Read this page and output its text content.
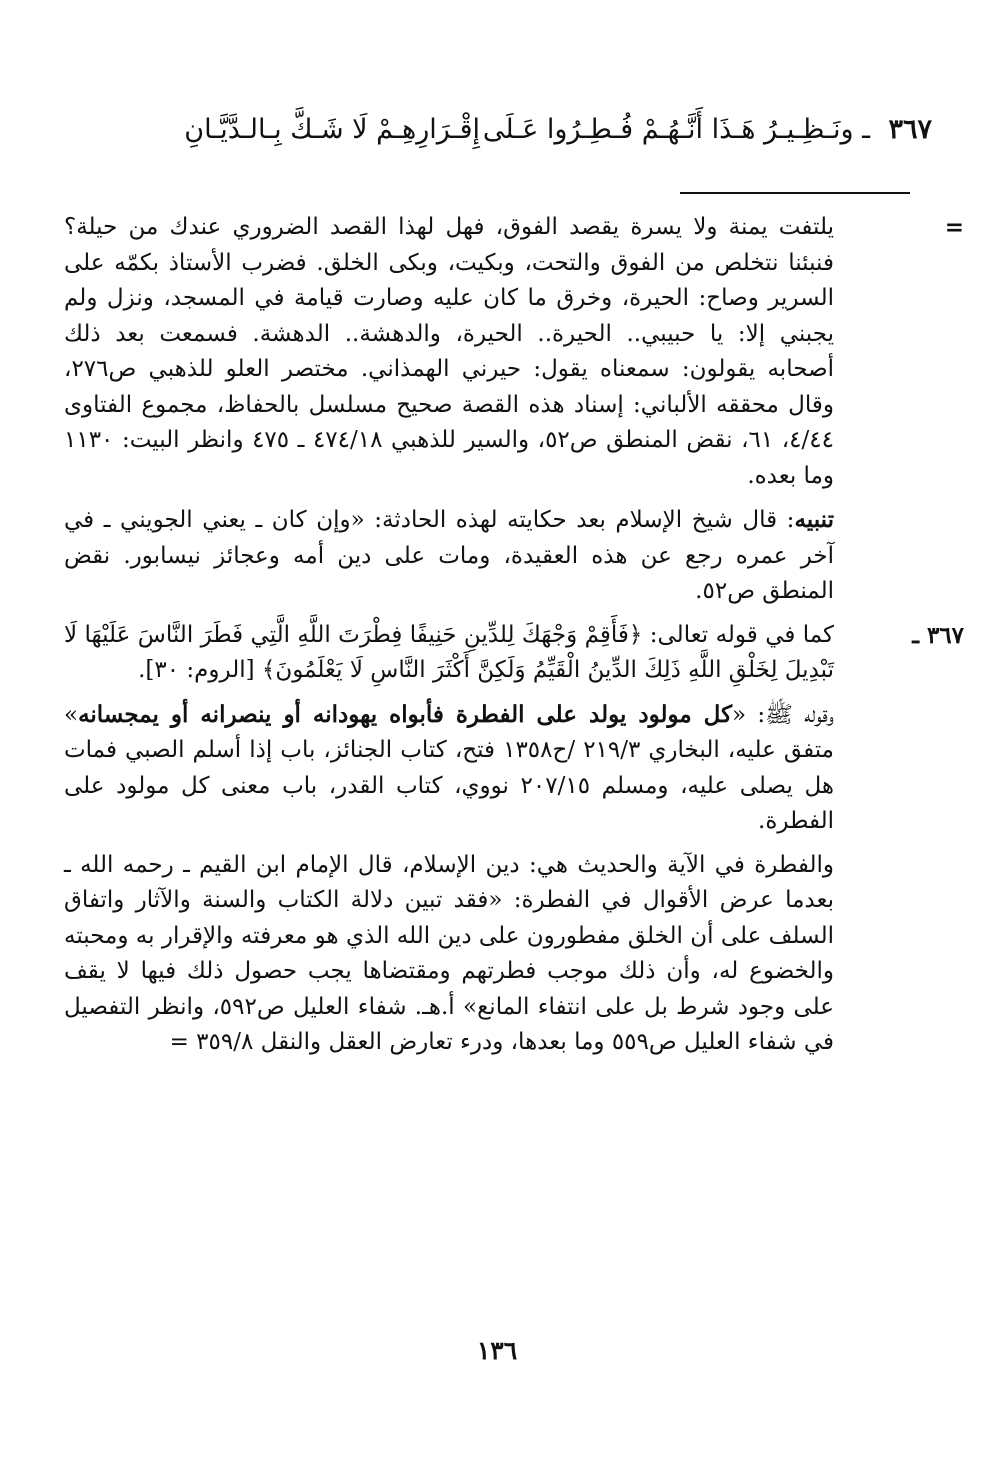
٣٦٧
ـ ونَـظِـيـرُ هَـذَا أَنَّـهُـمْ فُـطِـرُوا عَـلَى
إِقْـرَارِهِـمْ لَا شَـكَّ بِـالـدَّيَّـانِ
=

يلتفت يمنة ولا يسرة يقصد الفوق، فهل لهذا القصد الضروري عندك من حيلة؟ فنبئنا نتخلص من الفوق والتحت، وبكيت، وبكى الخلق. فضرب الأستاذ بكمّه على السرير وصاح: الحيرة، وخرق ما كان عليه وصارت قيامة في المسجد، ونزل ولم يجبني إلا: يا حبيبي.. الحيرة.. الحيرة، والدهشة.. الدهشة. فسمعت بعد ذلك أصحابه يقولون: سمعناه يقول: حيرني الهمذاني. مختصر العلو للذهبي ص٢٧٦، وقال محققه الألباني: إسناد هذه القصة صحيح مسلسل بالحفاظ، مجموع الفتاوى ٤/٤٤، ٦١، نقض المنطق ص٥٢، والسير للذهبي ٤٧٤/١٨ ـ ٤٧٥ وانظر البيت: ١١٣٠ وما بعده.

تنبيه: قال شيخ الإسلام بعد حكايته لهذه الحادثة: «وإن كان ـ يعني الجويني ـ في آخر عمره رجع عن هذه العقيدة، ومات على دين أمه وعجائز نيسابور. نقض المنطق ص٥٢.

٣٦٧ ـ

كما في قوله تعالى: ﴿فَأَقِمْ وَجْهَكَ لِلدِّينِ حَنِيفًا فِطْرَتَ اللَّهِ الَّتِي فَطَرَ النَّاسَ عَلَيْهَا لَا تَبْدِيلَ لِخَلْقِ اللَّهِ ذَلِكَ الدِّينُ الْقَيِّمُ وَلَكِنَّ أَكْثَرَ النَّاسِ لَا يَعْلَمُونَ﴾ [الروم: ٣٠].

وقوله ﷺ: «كل مولود يولد على الفطرة فأبواه يهودانه أو ينصرانه أو يمجسانه» متفق عليه، البخاري ٢١٩/٣ /ح١٣٥٨ فتح، كتاب الجنائز، باب إذا أسلم الصبي فمات هل يصلى عليه، ومسلم ٢٠٧/١٥ نووي، كتاب القدر، باب معنى كل مولود على الفطرة.

والفطرة في الآية والحديث هي: دين الإسلام، قال الإمام ابن القيم ـ رحمه الله ـ بعدما عرض الأقوال في الفطرة: «فقد تبين دلالة الكتاب والسنة والآثار واتفاق السلف على أن الخلق مفطورون على دين الله الذي هو معرفته والإقرار به ومحبته والخضوع له، وأن ذلك موجب فطرتهم ومقتضاها يجب حصول ذلك فيها لا يقف على وجود شرط بل على انتفاء المانع» أ.هـ. شفاء العليل ص٥٩٢، وانظر التفصيل في شفاء العليل ص٥٥٩ وما بعدها، ودرء تعارض العقل والنقل ٣٥٩/٨ =

١٣٦
